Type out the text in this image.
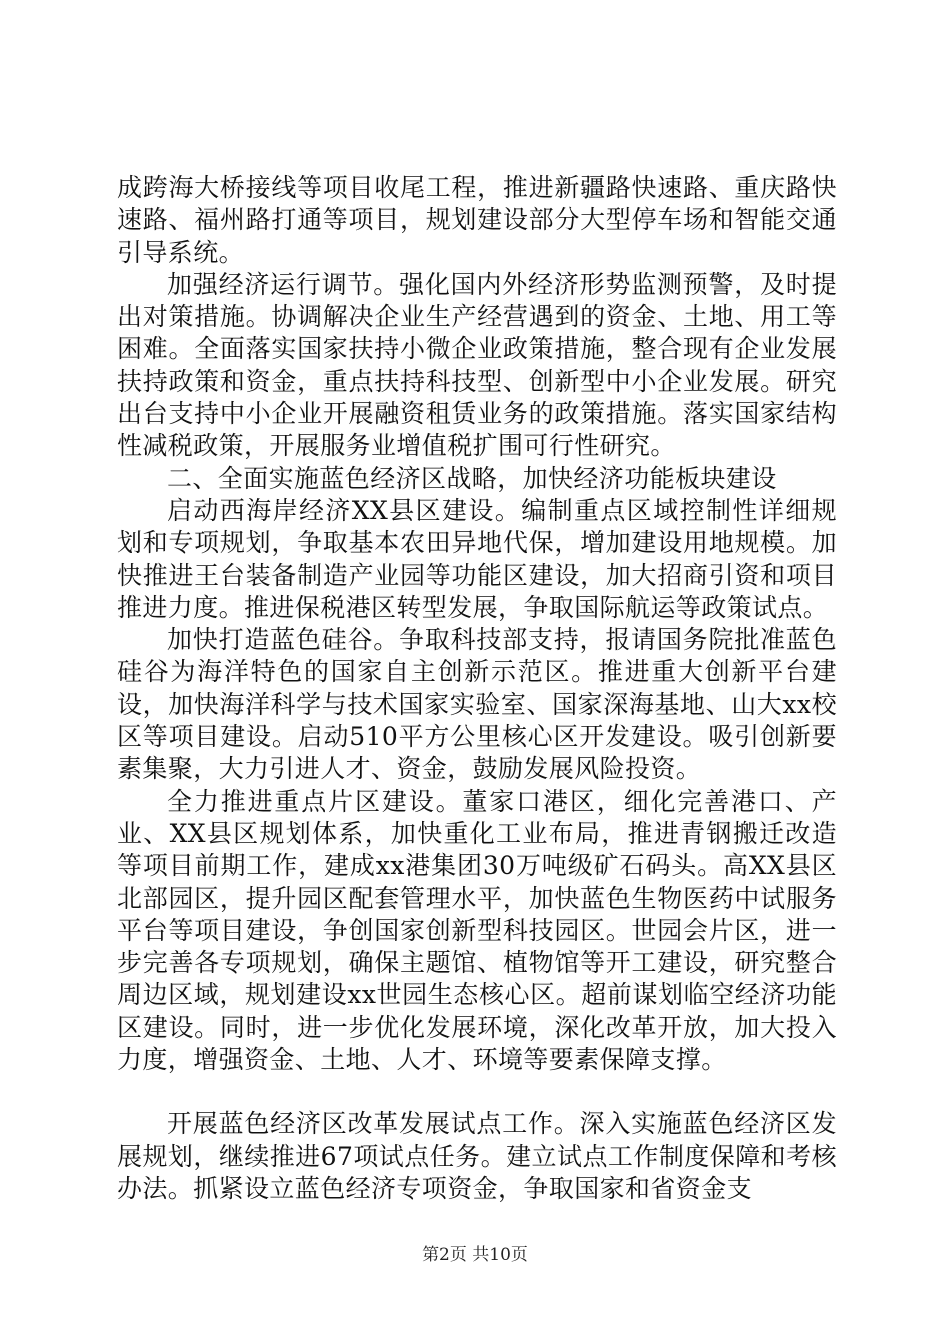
成跨海大桥接线等项目收尾工程，推进新疆路快速路、重庆路快速路、福州路打通等项目，规划建设部分大型停车场和智能交通引导系统。

加强经济运行调节。强化国内外经济形势监测预警，及时提出对策措施。协调解决企业生产经营遇到的资金、土地、用工等困难。全面落实国家扶持小微企业政策措施，整合现有企业发展扶持政策和资金，重点扶持科技型、创新型中小企业发展。研究出台支持中小企业开展融资租赁业务的政策措施。落实国家结构性减税政策，开展服务业增值税扩围可行性研究。

二、全面实施蓝色经济区战略，加快经济功能板块建设

启动西海岸经济XX县区建设。编制重点区域控制性详细规划和专项规划，争取基本农田异地代保，增加建设用地规模。加快推进王台装备制造产业园等功能区建设，加大招商引资和项目推进力度。推进保税港区转型发展，争取国际航运等政策试点。

加快打造蓝色硅谷。争取科技部支持，报请国务院批准蓝色硅谷为海洋特色的国家自主创新示范区。推进重大创新平台建设，加快海洋科学与技术国家实验室、国家深海基地、山大xx校区等项目建设。启动510平方公里核心区开发建设。吸引创新要素集聚，大力引进人才、资金，鼓励发展风险投资。

全力推进重点片区建设。董家口港区，细化完善港口、产业、XX县区规划体系，加快重化工业布局，推进青钢搬迁改造等项目前期工作，建成xx港集团30万吨级矿石码头。高XX县区北部园区，提升园区配套管理水平，加快蓝色生物医药中试服务平台等项目建设，争创国家创新型科技园区。世园会片区，进一步完善各专项规划，确保主题馆、植物馆等开工建设，研究整合周边区域，规划建设xx世园生态核心区。超前谋划临空经济功能区建设。同时，进一步优化发展环境，深化改革开放，加大投入力度，增强资金、土地、人才、环境等要素保障支撑。

开展蓝色经济区改革发展试点工作。深入实施蓝色经济区发展规划，继续推进67项试点任务。建立试点工作制度保障和考核办法。抓紧设立蓝色经济专项资金，争取国家和省资金支

第2页 共10页
